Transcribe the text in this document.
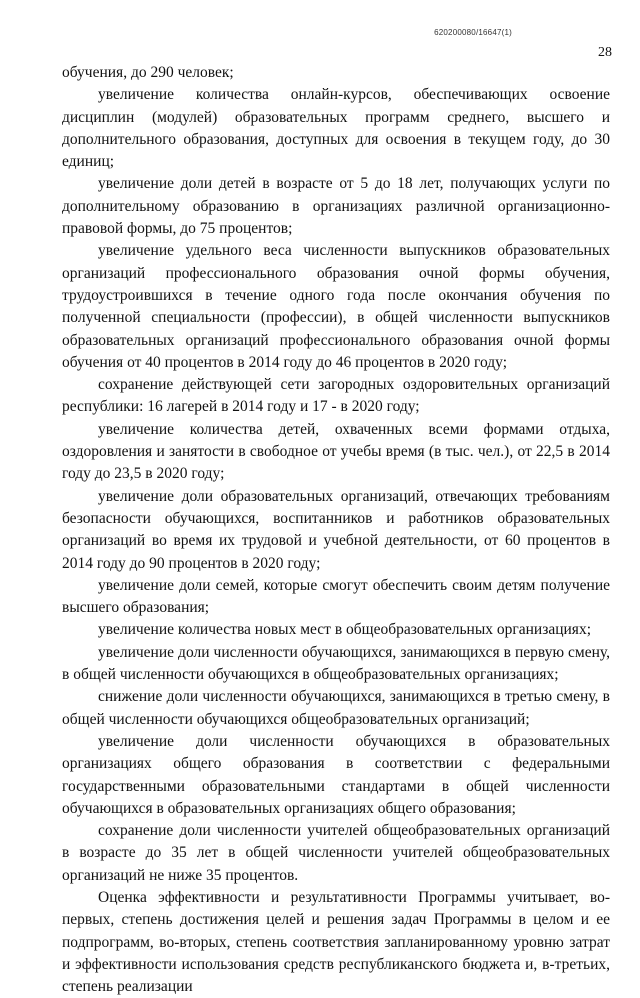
620200080/16647(1)
28

обучения, до 290 человек;

увеличение количества онлайн-курсов, обеспечивающих освоение дисциплин (модулей) образовательных программ среднего, высшего и дополнительного образования, доступных для освоения в текущем году, до 30 единиц;

увеличение доли детей в возрасте от 5 до 18 лет, получающих услуги по дополнительному образованию в организациях различной организационно-правовой формы, до 75 процентов;

увеличение удельного веса численности выпускников образовательных организаций профессионального образования очной формы обучения, трудоустроившихся в течение одного года после окончания обучения по полученной специальности (профессии), в общей численности выпускников образовательных организаций профессионального образования очной формы обучения от 40 процентов в 2014 году до 46 процентов в 2020 году;

сохранение действующей сети загородных оздоровительных организаций республики: 16 лагерей в 2014 году и 17 - в 2020 году;

увеличение количества детей, охваченных всеми формами отдыха, оздоровления и занятости в свободное от учебы время (в тыс. чел.), от 22,5 в 2014 году до 23,5 в 2020 году;

увеличение доли образовательных организаций, отвечающих требованиям безопасности обучающихся, воспитанников и работников образовательных организаций во время их трудовой и учебной деятельности, от 60 процентов в 2014 году до 90 процентов в 2020 году;

увеличение доли семей, которые смогут обеспечить своим детям получение высшего образования;

увеличение количества новых мест в общеобразовательных организациях;

увеличение доли численности обучающихся, занимающихся в первую смену, в общей численности обучающихся в общеобразовательных организациях;

снижение доли численности обучающихся, занимающихся в третью смену, в общей численности обучающихся общеобразовательных организаций;

увеличение доли численности обучающихся в образовательных организациях общего образования в соответствии с федеральными государственными образовательными стандартами в общей численности обучающихся в образовательных организациях общего образования;

сохранение доли численности учителей общеобразовательных организаций в возрасте до 35 лет в общей численности учителей общеобразовательных организаций не ниже 35 процентов.

Оценка эффективности и результативности Программы учитывает, во-первых, степень достижения целей и решения задач Программы в целом и ее подпрограмм, во-вторых, степень соответствия запланированному уровню затрат и эффективности использования средств республиканского бюджета и, в-третьих, степень реализации
